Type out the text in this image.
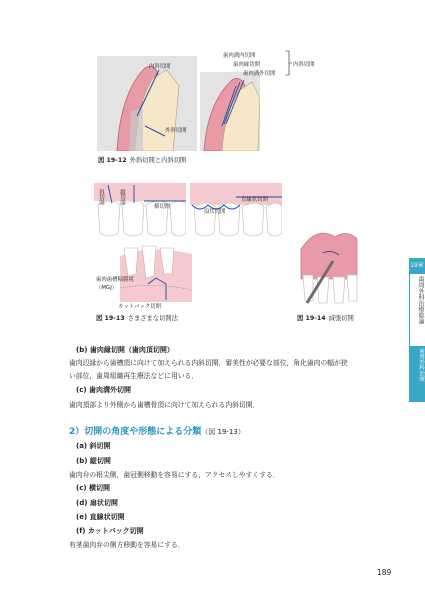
内斜切開
外斜切開
歯肉溝内切開
歯肉縁切開
歯肉溝外切開
内斜切開
図 19-12 外斜切開と内斜切開
斜切開	縦切開
横切開
扇状切開
直線状切開
歯肉歯槽粘膜境
（MGJ）
カットバック切開
図 19-13 さまざまな切開法	図 19-14 減張切開
(b) 歯肉縁切開（歯肉頂切開）
歯肉辺縁から歯槽頂に向けて加えられる内斜切開．審美性が必要な部位，角化歯肉の幅が狭
い部位，歯周組織再生療法などに用いる．
(c) 歯肉溝外切開
歯肉頂部より外側から歯槽骨頂に向けて加えられる内斜切開．
2）切開の角度や形態による分類（図 19-13）
(a) 斜切開
(b) 縦切開
歯肉弁の根尖側，歯冠側移動を容易にする，アクセスしやすくする．
(c) 横切開
(d) 扇状切開
(e) 直線状切開
(f) カットバック切開
有茎歯肉弁の側方移動を容易にする．
19章
歯周外科治療総論
歯周外科治療
189
